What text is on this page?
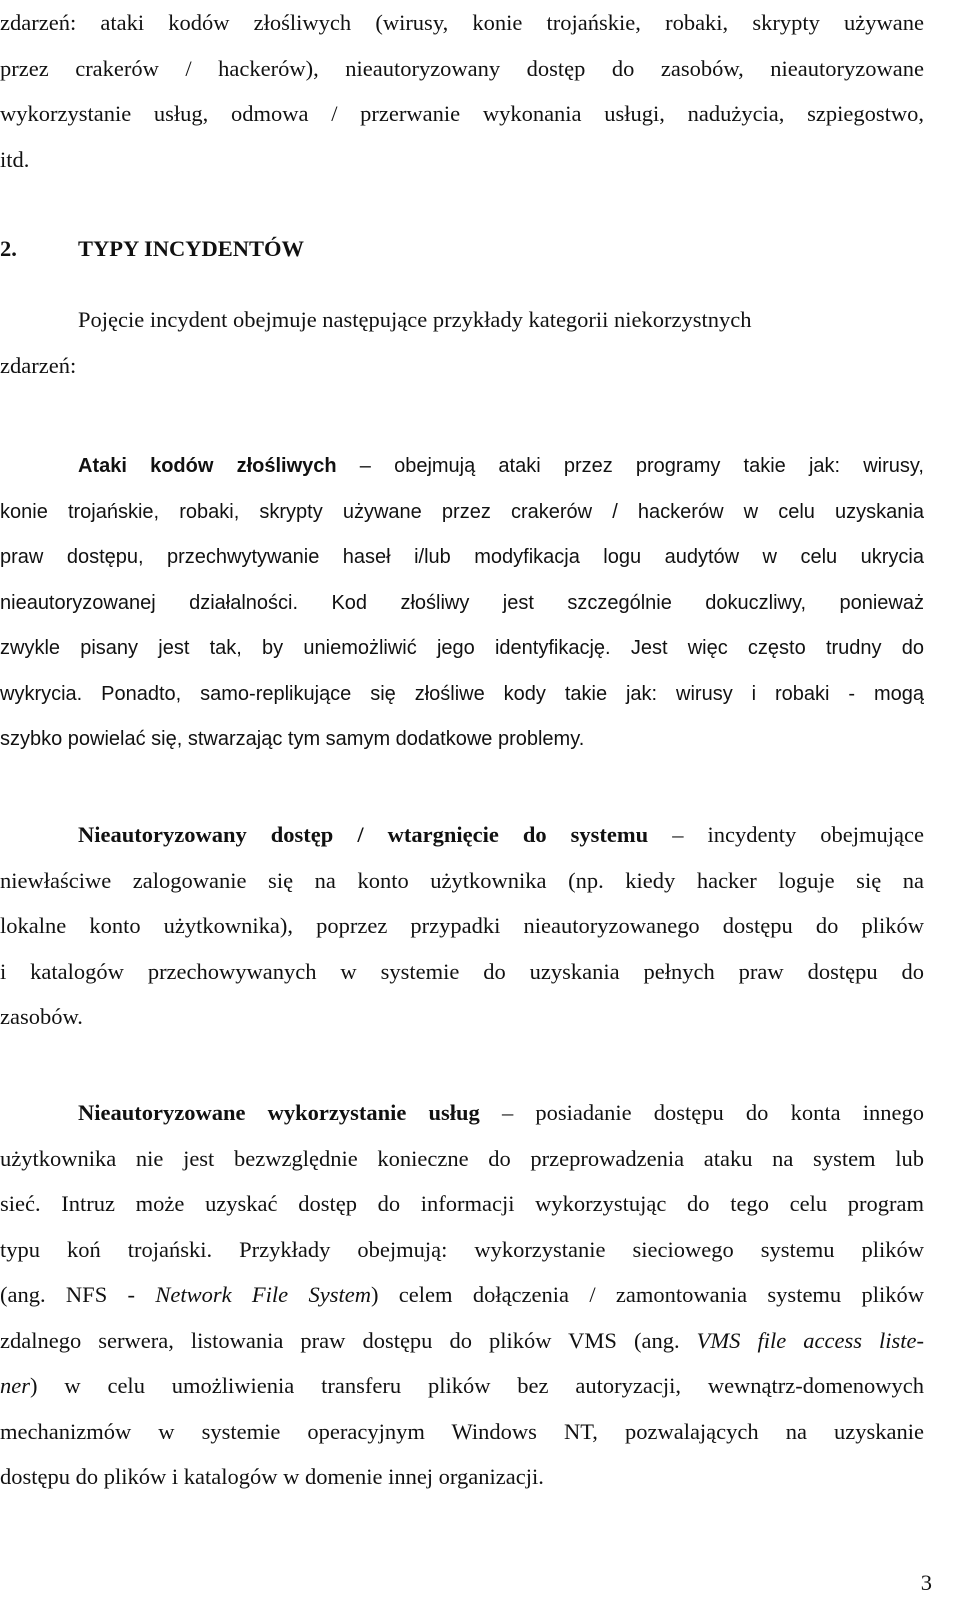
zdarzeń: ataki kodów złośliwych (wirusy, konie trojańskie, robaki, skrypty używane
przez crakerów / hackerów), nieautoryzowany dostęp do zasobów, nieautoryzowane
wykorzystanie usług, odmowa / przerwanie wykonania usługi, nadużycia, szpiegostwo,
itd.
2.	TYPY INCYDENTÓW
Pojęcie incydent obejmuje następujące przykłady kategorii niekorzystnych
zdarzeń:
Ataki kodów złośliwych – obejmują ataki przez programy takie jak: wirusy,
konie trojańskie, robaki, skrypty używane przez crakerów / hackerów w celu uzyskania
praw dostępu, przechwytywanie haseł i/lub modyfikacja logu audytów w celu ukrycia
nieautoryzowanej działalności. Kod złośliwy jest szczególnie dokuczliwy, ponieważ
zwykle pisany jest tak, by uniemożliwić jego identyfikację. Jest więc często trudny do
wykrycia. Ponadto, samo-replikujące się złośliwe kody takie jak: wirusy i robaki - mogą
szybko powielać się, stwarzając tym samym dodatkowe problemy.
Nieautoryzowany dostęp / wtargnięcie do systemu – incydenty obejmujące
niewłaściwe zalogowanie się na konto użytkownika (np. kiedy hacker loguje się na
lokalne konto użytkownika), poprzez przypadki nieautoryzowanego dostępu do plików
i katalogów przechowywanych w systemie do uzyskania pełnych praw dostępu do
zasobów.
Nieautoryzowane wykorzystanie usług – posiadanie dostępu do konta innego
użytkownika nie jest bezwzględnie konieczne do przeprowadzenia ataku na system lub
sieć. Intruz może uzyskać dostęp do informacji wykorzystując do tego celu program
typu koń trojański. Przykłady obejmują: wykorzystanie sieciowego systemu plików
(ang. NFS - Network File System) celem dołączenia / zamontowania systemu plików
zdalnego serwera, listowania praw dostępu do plików VMS (ang. VMS file access liste-
ner) w celu umożliwienia transferu plików bez autoryzacji, wewnątrz-domenowych
mechanizmów w systemie operacyjnym Windows NT, pozwalających na uzyskanie
dostępu do plików i katalogów w domenie innej organizacji.
3
